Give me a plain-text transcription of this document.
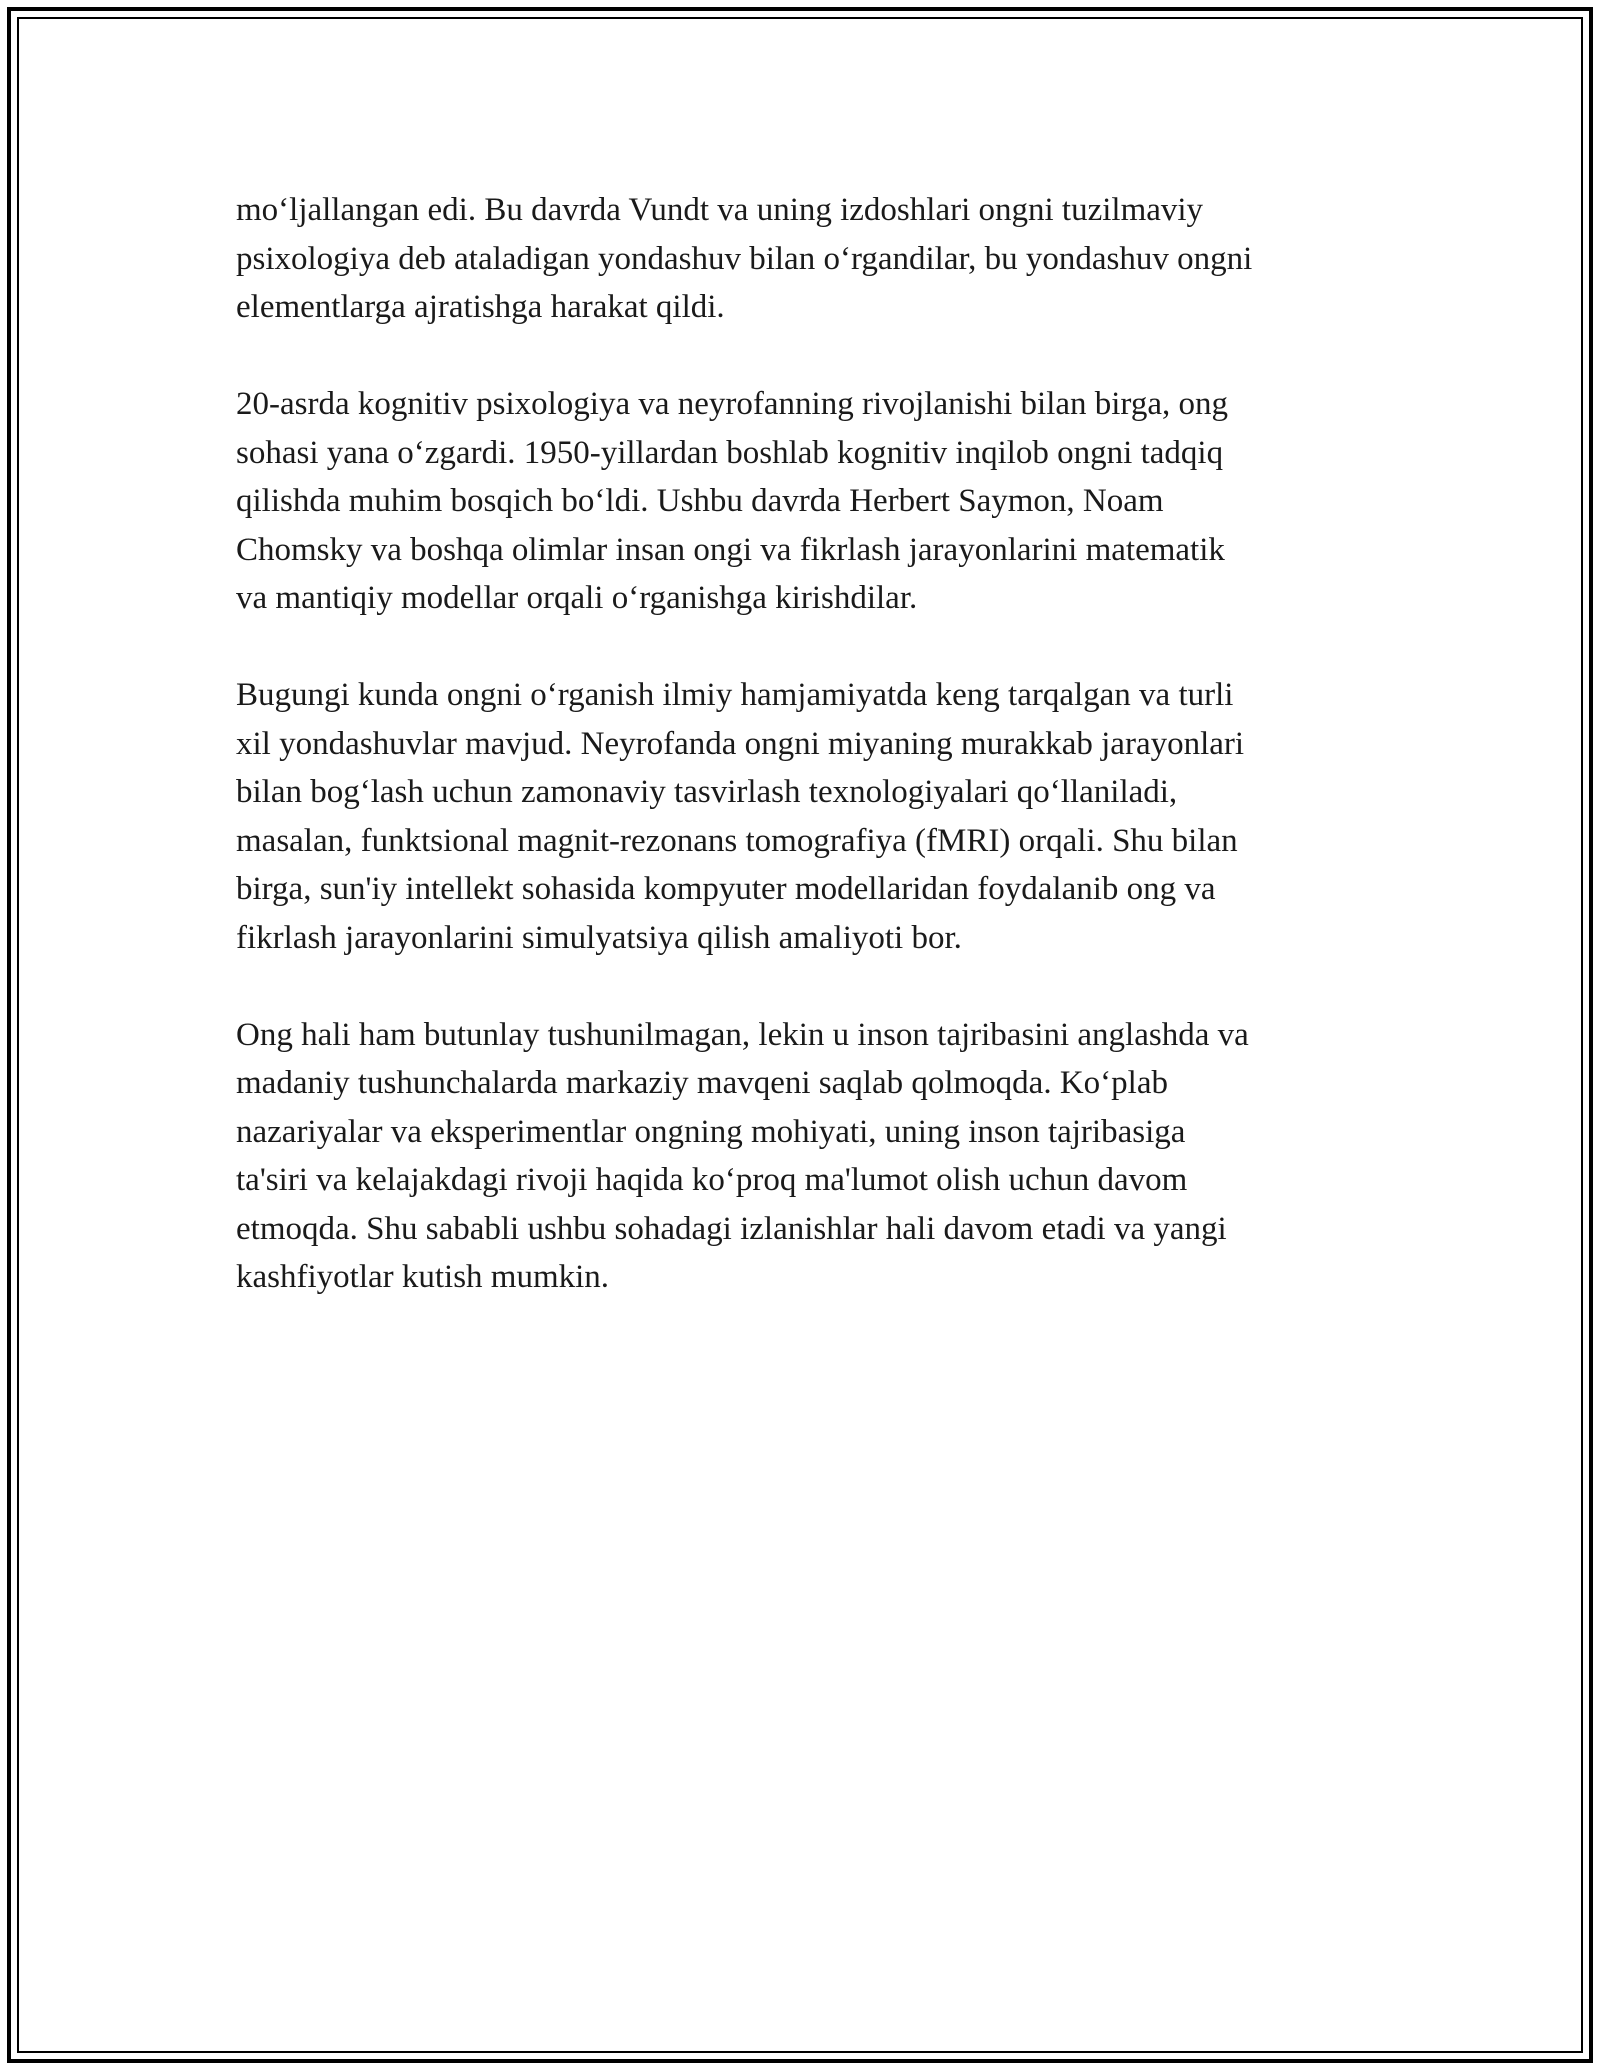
mo‘ljallangan edi. Bu davrda Vundt va uning izdoshlari ongni tuzilmaviy
psixologiya deb ataladigan yondashuv bilan o‘rgandilar, bu yondashuv ongni
elementlarga ajratishga harakat qildi.

20-asrda kognitiv psixologiya va neyrofanning rivojlanishi bilan birga, ong
sohasi yana o‘zgardi. 1950-yillardan boshlab kognitiv inqilob ongni tadqiq
qilishda muhim bosqich bo‘ldi. Ushbu davrda Herbert Saymon, Noam
Chomsky va boshqa olimlar insan ongi va fikrlash jarayonlarini matematik
va mantiqiy modellar orqali o‘rganishga kirishdilar.

Bugungi kunda ongni o‘rganish ilmiy hamjamiyatda keng tarqalgan va turli
xil yondashuvlar mavjud. Neyrofanda ongni miyaning murakkab jarayonlari
bilan bog‘lash uchun zamonaviy tasvirlash texnologiyalari qo‘llaniladi,
masalan, funktsional magnit-rezonans tomografiya (fMRI) orqali. Shu bilan
birga, sun'iy intellekt sohasida kompyuter modellaridan foydalanib ong va
fikrlash jarayonlarini simulyatsiya qilish amaliyoti bor.

Ong hali ham butunlay tushunilmagan, lekin u inson tajribasini anglashda va
madaniy tushunchalarda markaziy mavqeni saqlab qolmoqda. Ko‘plab
nazariyalar va eksperimentlar ongning mohiyati, uning inson tajribasiga
ta'siri va kelajakdagi rivoji haqida ko‘proq ma'lumot olish uchun davom
etmoqda. Shu sababli ushbu sohadagi izlanishlar hali davom etadi va yangi
kashfiyotlar kutish mumkin.
